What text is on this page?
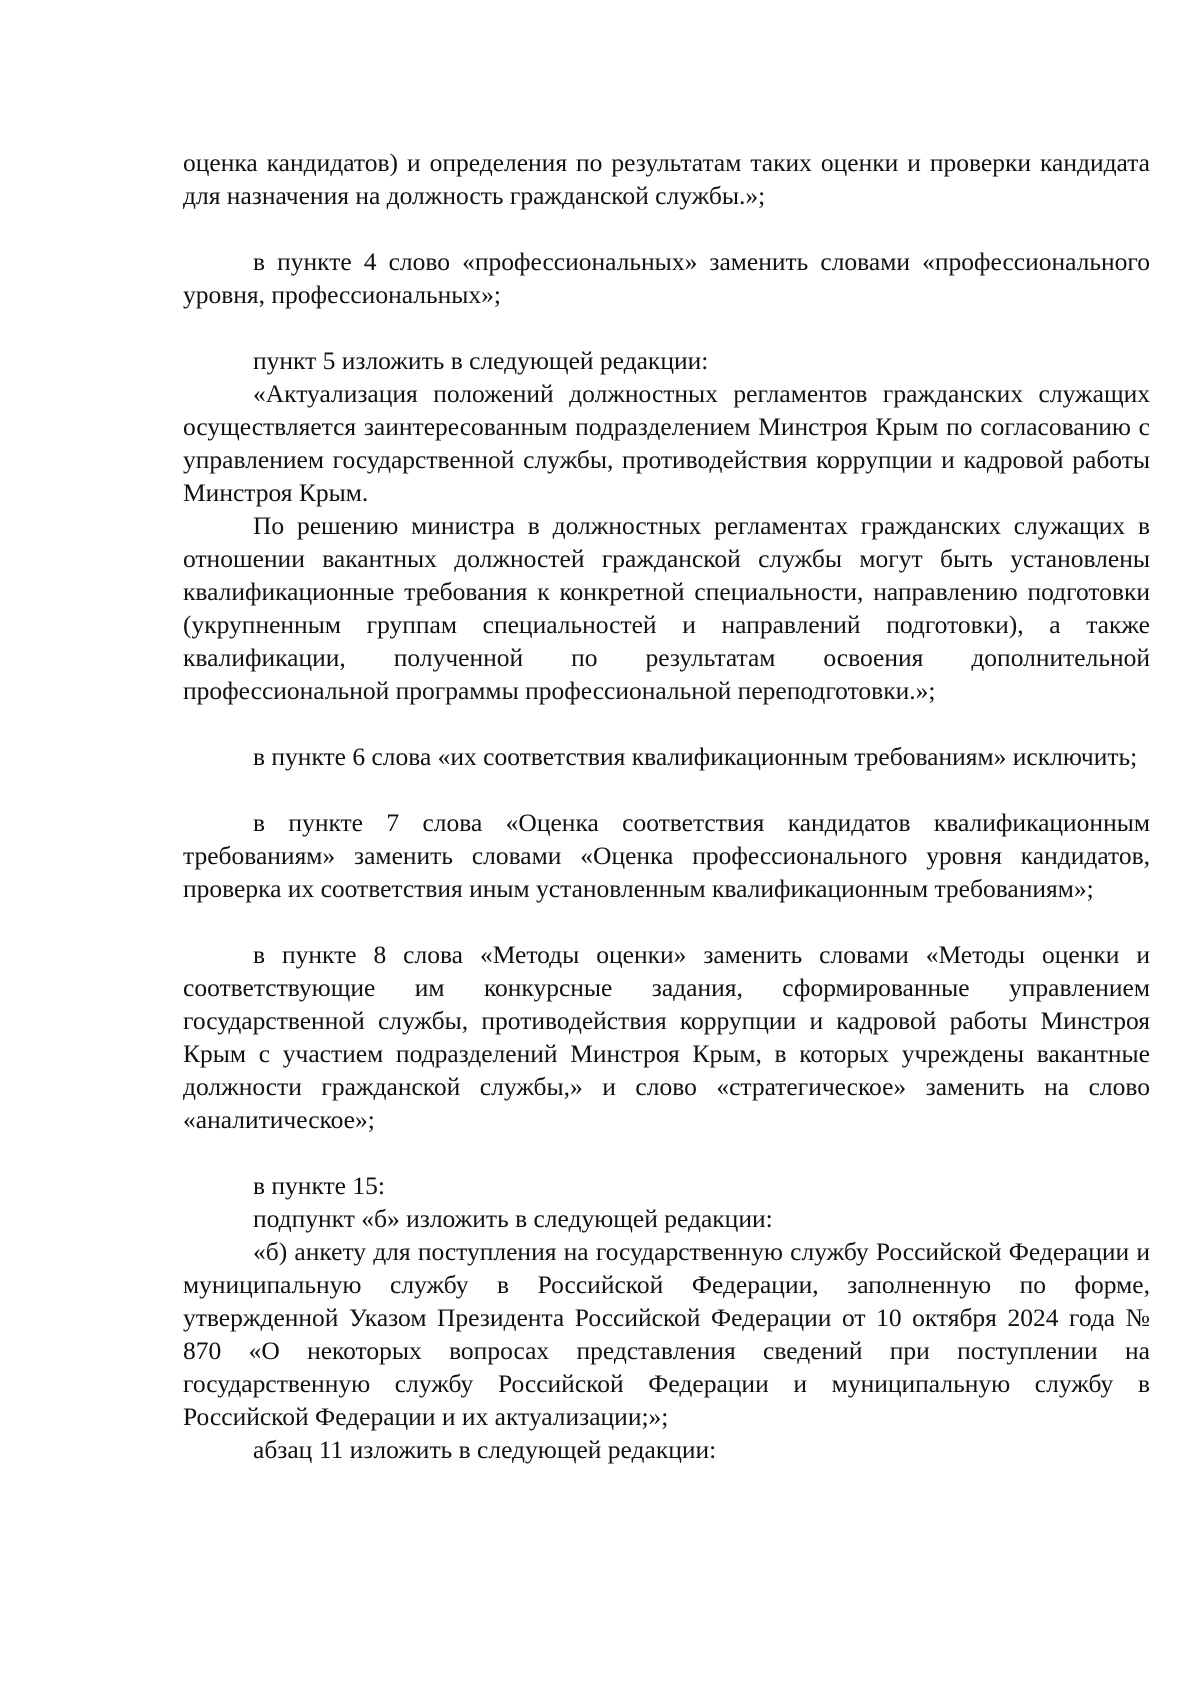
оценка кандидатов) и определения по результатам таких оценки и проверки кандидата для назначения на должность гражданской службы.»;

в пункте 4 слово «профессиональных» заменить словами «профессионального уровня, профессиональных»;

пункт 5 изложить в следующей редакции:

«Актуализация положений должностных регламентов гражданских служащих осуществляется заинтересованным подразделением Минстроя Крым по согласованию с управлением государственной службы, противодействия коррупции и кадровой работы Минстроя Крым.

По решению министра в должностных регламентах гражданских служащих в отношении вакантных должностей гражданской службы могут быть установлены квалификационные требования к конкретной специальности, направлению подготовки (укрупненным группам специальностей и направлений подготовки), а также квалификации, полученной по результатам освоения дополнительной профессиональной программы профессиональной переподготовки.»;

в пункте 6 слова «их соответствия квалификационным требованиям» исключить;

в пункте 7 слова «Оценка соответствия кандидатов квалификационным требованиям» заменить словами «Оценка профессионального уровня кандидатов, проверка их соответствия иным установленным квалификационным требованиям»;

в пункте 8 слова «Методы оценки» заменить словами «Методы оценки и соответствующие им конкурсные задания, сформированные управлением государственной службы, противодействия коррупции и кадровой работы Минстроя Крым с участием подразделений Минстроя Крым, в которых учреждены вакантные должности гражданской службы,» и слово «стратегическое» заменить на слово «аналитическое»;

в пункте 15:

подпункт «б» изложить в следующей редакции:

«б) анкету для поступления на государственную службу Российской Федерации и муниципальную службу в Российской Федерации, заполненную по форме, утвержденной Указом Президента Российской Федерации от 10 октября 2024 года № 870 «О некоторых вопросах представления сведений при поступлении на государственную службу Российской Федерации и муниципальную службу в Российской Федерации и их актуализации;»;

абзац 11 изложить в следующей редакции:
